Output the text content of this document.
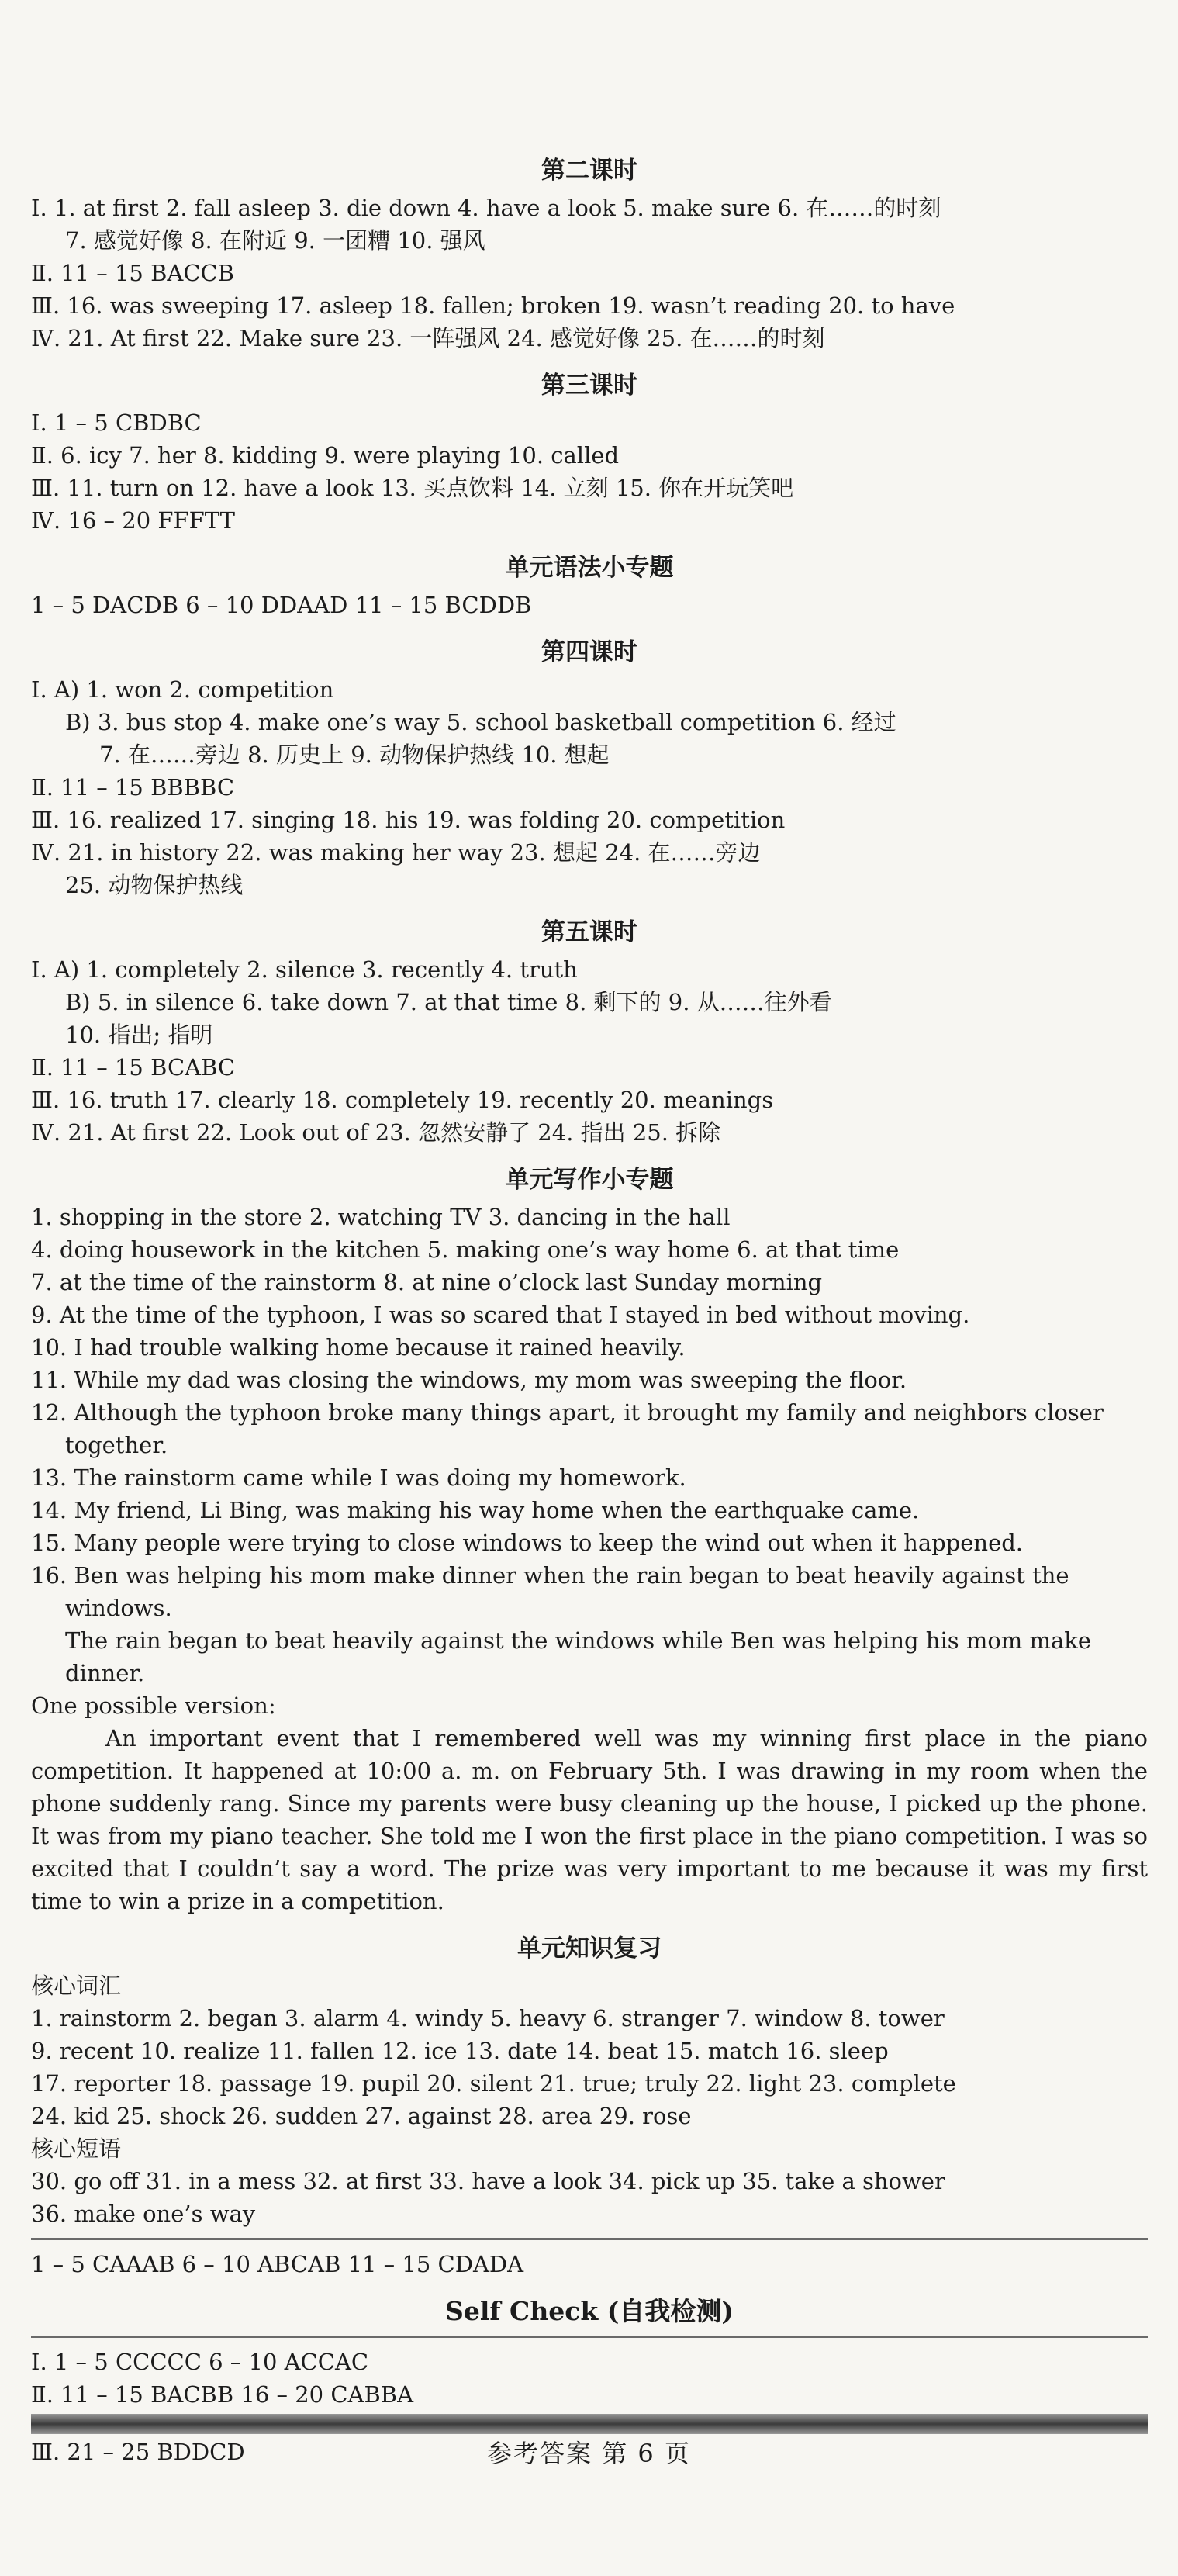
第二课时
Ⅰ. 1. at first 2. fall asleep 3. die down 4. have a look 5. make sure 6. 在……的时刻
7. 感觉好像 8. 在附近 9. 一团糟 10. 强风
Ⅱ. 11 – 15 BACCB
Ⅲ. 16. was sweeping 17. asleep 18. fallen; broken 19. wasn’t reading 20. to have
Ⅳ. 21. At first 22. Make sure 23. 一阵强风 24. 感觉好像 25. 在……的时刻
第三课时
Ⅰ. 1 – 5 CBDBC
Ⅱ. 6. icy 7. her 8. kidding 9. were playing 10. called
Ⅲ. 11. turn on 12. have a look 13. 买点饮料 14. 立刻 15. 你在开玩笑吧
Ⅳ. 16 – 20 FFFTT
单元语法小专题
1 – 5 DACDB 6 – 10 DDAAD 11 – 15 BCDDB
第四课时
Ⅰ. A) 1. won 2. competition
B) 3. bus stop 4. make one’s way 5. school basketball competition 6. 经过
7. 在……旁边 8. 历史上 9. 动物保护热线 10. 想起
Ⅱ. 11 – 15 BBBBC
Ⅲ. 16. realized 17. singing 18. his 19. was folding 20. competition
Ⅳ. 21. in history 22. was making her way 23. 想起 24. 在……旁边
25. 动物保护热线
第五课时
Ⅰ. A) 1. completely 2. silence 3. recently 4. truth
B) 5. in silence 6. take down 7. at that time 8. 剩下的 9. 从……往外看
10. 指出; 指明
Ⅱ. 11 – 15 BCABC
Ⅲ. 16. truth 17. clearly 18. completely 19. recently 20. meanings
Ⅳ. 21. At first 22. Look out of 23. 忽然安静了 24. 指出 25. 拆除
单元写作小专题
1. shopping in the store 2. watching TV 3. dancing in the hall
4. doing housework in the kitchen 5. making one’s way home 6. at that time
7. at the time of the rainstorm 8. at nine o’clock last Sunday morning
9. At the time of the typhoon, I was so scared that I stayed in bed without moving.
10. I had trouble walking home because it rained heavily.
11. While my dad was closing the windows, my mom was sweeping the floor.
12. Although the typhoon broke many things apart, it brought my family and neighbors closer together.
13. The rainstorm came while I was doing my homework.
14. My friend, Li Bing, was making his way home when the earthquake came.
15. Many people were trying to close windows to keep the wind out when it happened.
16. Ben was helping his mom make dinner when the rain began to beat heavily against the windows.
The rain began to beat heavily against the windows while Ben was helping his mom make dinner.
One possible version:
An important event that I remembered well was my winning first place in the piano competition. It happened at 10:00 a. m. on February 5th. I was drawing in my room when the phone suddenly rang. Since my parents were busy cleaning up the house, I picked up the phone. It was from my piano teacher. She told me I won the first place in the piano competition. I was so excited that I couldn’t say a word. The prize was very important to me because it was my first time to win a prize in a competition.
单元知识复习
核心词汇
1. rainstorm 2. began 3. alarm 4. windy 5. heavy 6. stranger 7. window 8. tower
9. recent 10. realize 11. fallen 12. ice 13. date 14. beat 15. match 16. sleep
17. reporter 18. passage 19. pupil 20. silent 21. true; truly 22. light 23. complete
24. kid 25. shock 26. sudden 27. against 28. area 29. rose
核心短语
30. go off 31. in a mess 32. at first 33. have a look 34. pick up 35. take a shower
36. make one’s way
1 – 5 CAAAB 6 – 10 ABCAB 11 – 15 CDADA
Self Check (自我检测)
Ⅰ. 1 – 5 CCCCC 6 – 10 ACCAC
Ⅱ. 11 – 15 BACBB 16 – 20 CABBA
Ⅲ. 21 – 25 BDDCD	参考答案 第 6 页
